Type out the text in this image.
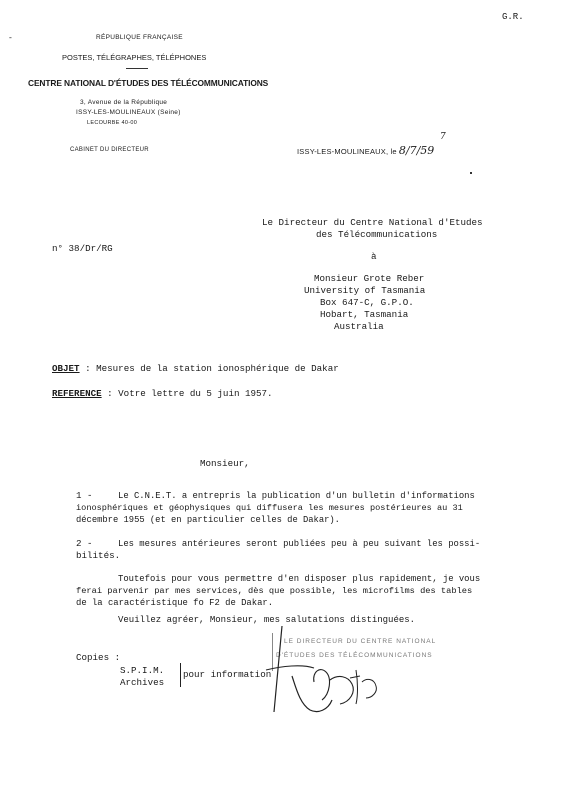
G.R.
-	RÉPUBLIQUE FRANÇAISE
POSTES, TÉLÉGRAPHES, TÉLÉPHONES
CENTRE NATIONAL D'ÉTUDES DES TÉLÉCOMMUNICATIONS
3, Avenue de la République
ISSY-LES-MOULINEAUX (Seine)
LECOURBE 40-00
CABINET DU DIRECTEUR	ISSY-LES-MOULINEAUX, le 8/7/59
7
Le Directeur du Centre National d'Etudes
des Télécommunications
à
n° 38/Dr/RG
Monsieur Grote Reber
University of Tasmania
Box 647-C, G.P.O.
Hobart, Tasmania
Australia
OBJET : Mesures de la station ionosphérique de Dakar
REFERENCE : Votre lettre du 5 juin 1957.
Monsieur,
1 -	Le C.N.E.T. a entrepris la publication d'un bulletin d'informations
ionosphériques et géophysiques qui diffusera les mesures postérieures au 31
décembre 1955 (et en particulier celles de Dakar).
2 -	Les mesures antérieures seront publiées peu à peu suivant les possi-
bilités.
Toutefois pour vous permettre d'en disposer plus rapidement, je vous
ferai parvenir par mes services, dès que possible, les microfilms des tables
de la caractéristique fo F2 de Dakar.
Veuillez agréer, Monsieur, mes salutations distinguées.
Copies :
S.P.I.M.
Archives
pour information
LE DIRECTEUR DU CENTRE NATIONAL
D'ÉTUDES DES TÉLÉCOMMUNICATIONS
